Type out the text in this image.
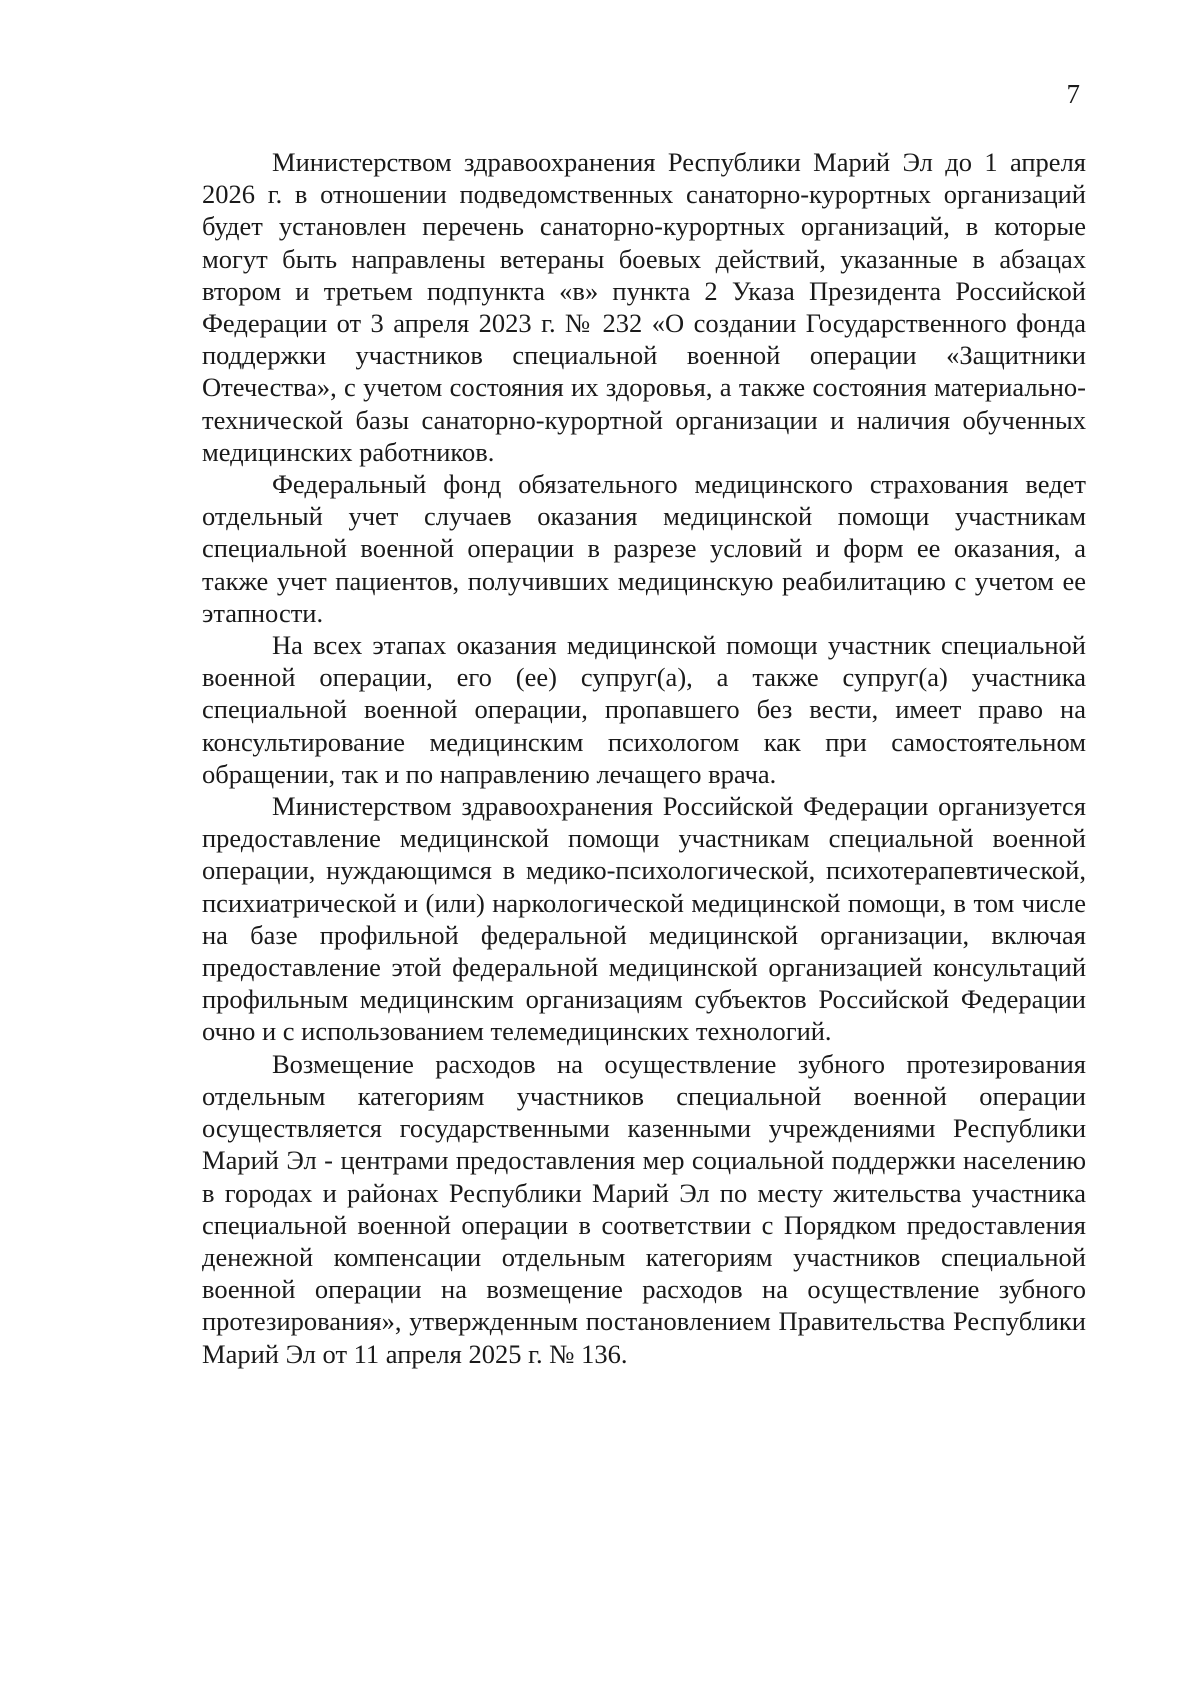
7

Министерством здравоохранения Республики Марий Эл до 1 апреля 2026 г. в отношении подведомственных санаторно-курортных организаций будет установлен перечень санаторно-курортных организаций, в которые могут быть направлены ветераны боевых действий, указанные в абзацах втором и третьем подпункта «в» пункта 2 Указа Президента Российской Федерации от 3 апреля 2023 г. № 232 «О создании Государственного фонда поддержки участников специальной военной операции «Защитники Отечества», с учетом состояния их здоровья, а также состояния материально-технической базы санаторно-курортной организации и наличия обученных медицинских работников.

Федеральный фонд обязательного медицинского страхования ведет отдельный учет случаев оказания медицинской помощи участникам специальной военной операции в разрезе условий и форм ее оказания, а также учет пациентов, получивших медицинскую реабилитацию с учетом ее этапности.

На всех этапах оказания медицинской помощи участник специальной военной операции, его (ее) супруг(а), а также супруг(а) участника специальной военной операции, пропавшего без вести, имеет право на консультирование медицинским психологом как при самостоятельном обращении, так и по направлению лечащего врача.

Министерством здравоохранения Российской Федерации организуется предоставление медицинской помощи участникам специальной военной операции, нуждающимся в медико-психологической, психотерапевтической, психиатрической и (или) наркологической медицинской помощи, в том числе на базе профильной федеральной медицинской организации, включая предоставление этой федеральной медицинской организацией консультаций профильным медицинским организациям субъектов Российской Федерации очно и с использованием телемедицинских технологий.

Возмещение расходов на осуществление зубного протезирования отдельным категориям участников специальной военной операции осуществляется государственными казенными учреждениями Республики Марий Эл - центрами предоставления мер социальной поддержки населению в городах и районах Республики Марий Эл по месту жительства участника специальной военной операции в соответствии с Порядком предоставления денежной компенсации отдельным категориям участников специальной военной операции на возмещение расходов на осуществление зубного протезирования», утвержденным постановлением Правительства Республики Марий Эл от 11 апреля 2025 г. № 136.
